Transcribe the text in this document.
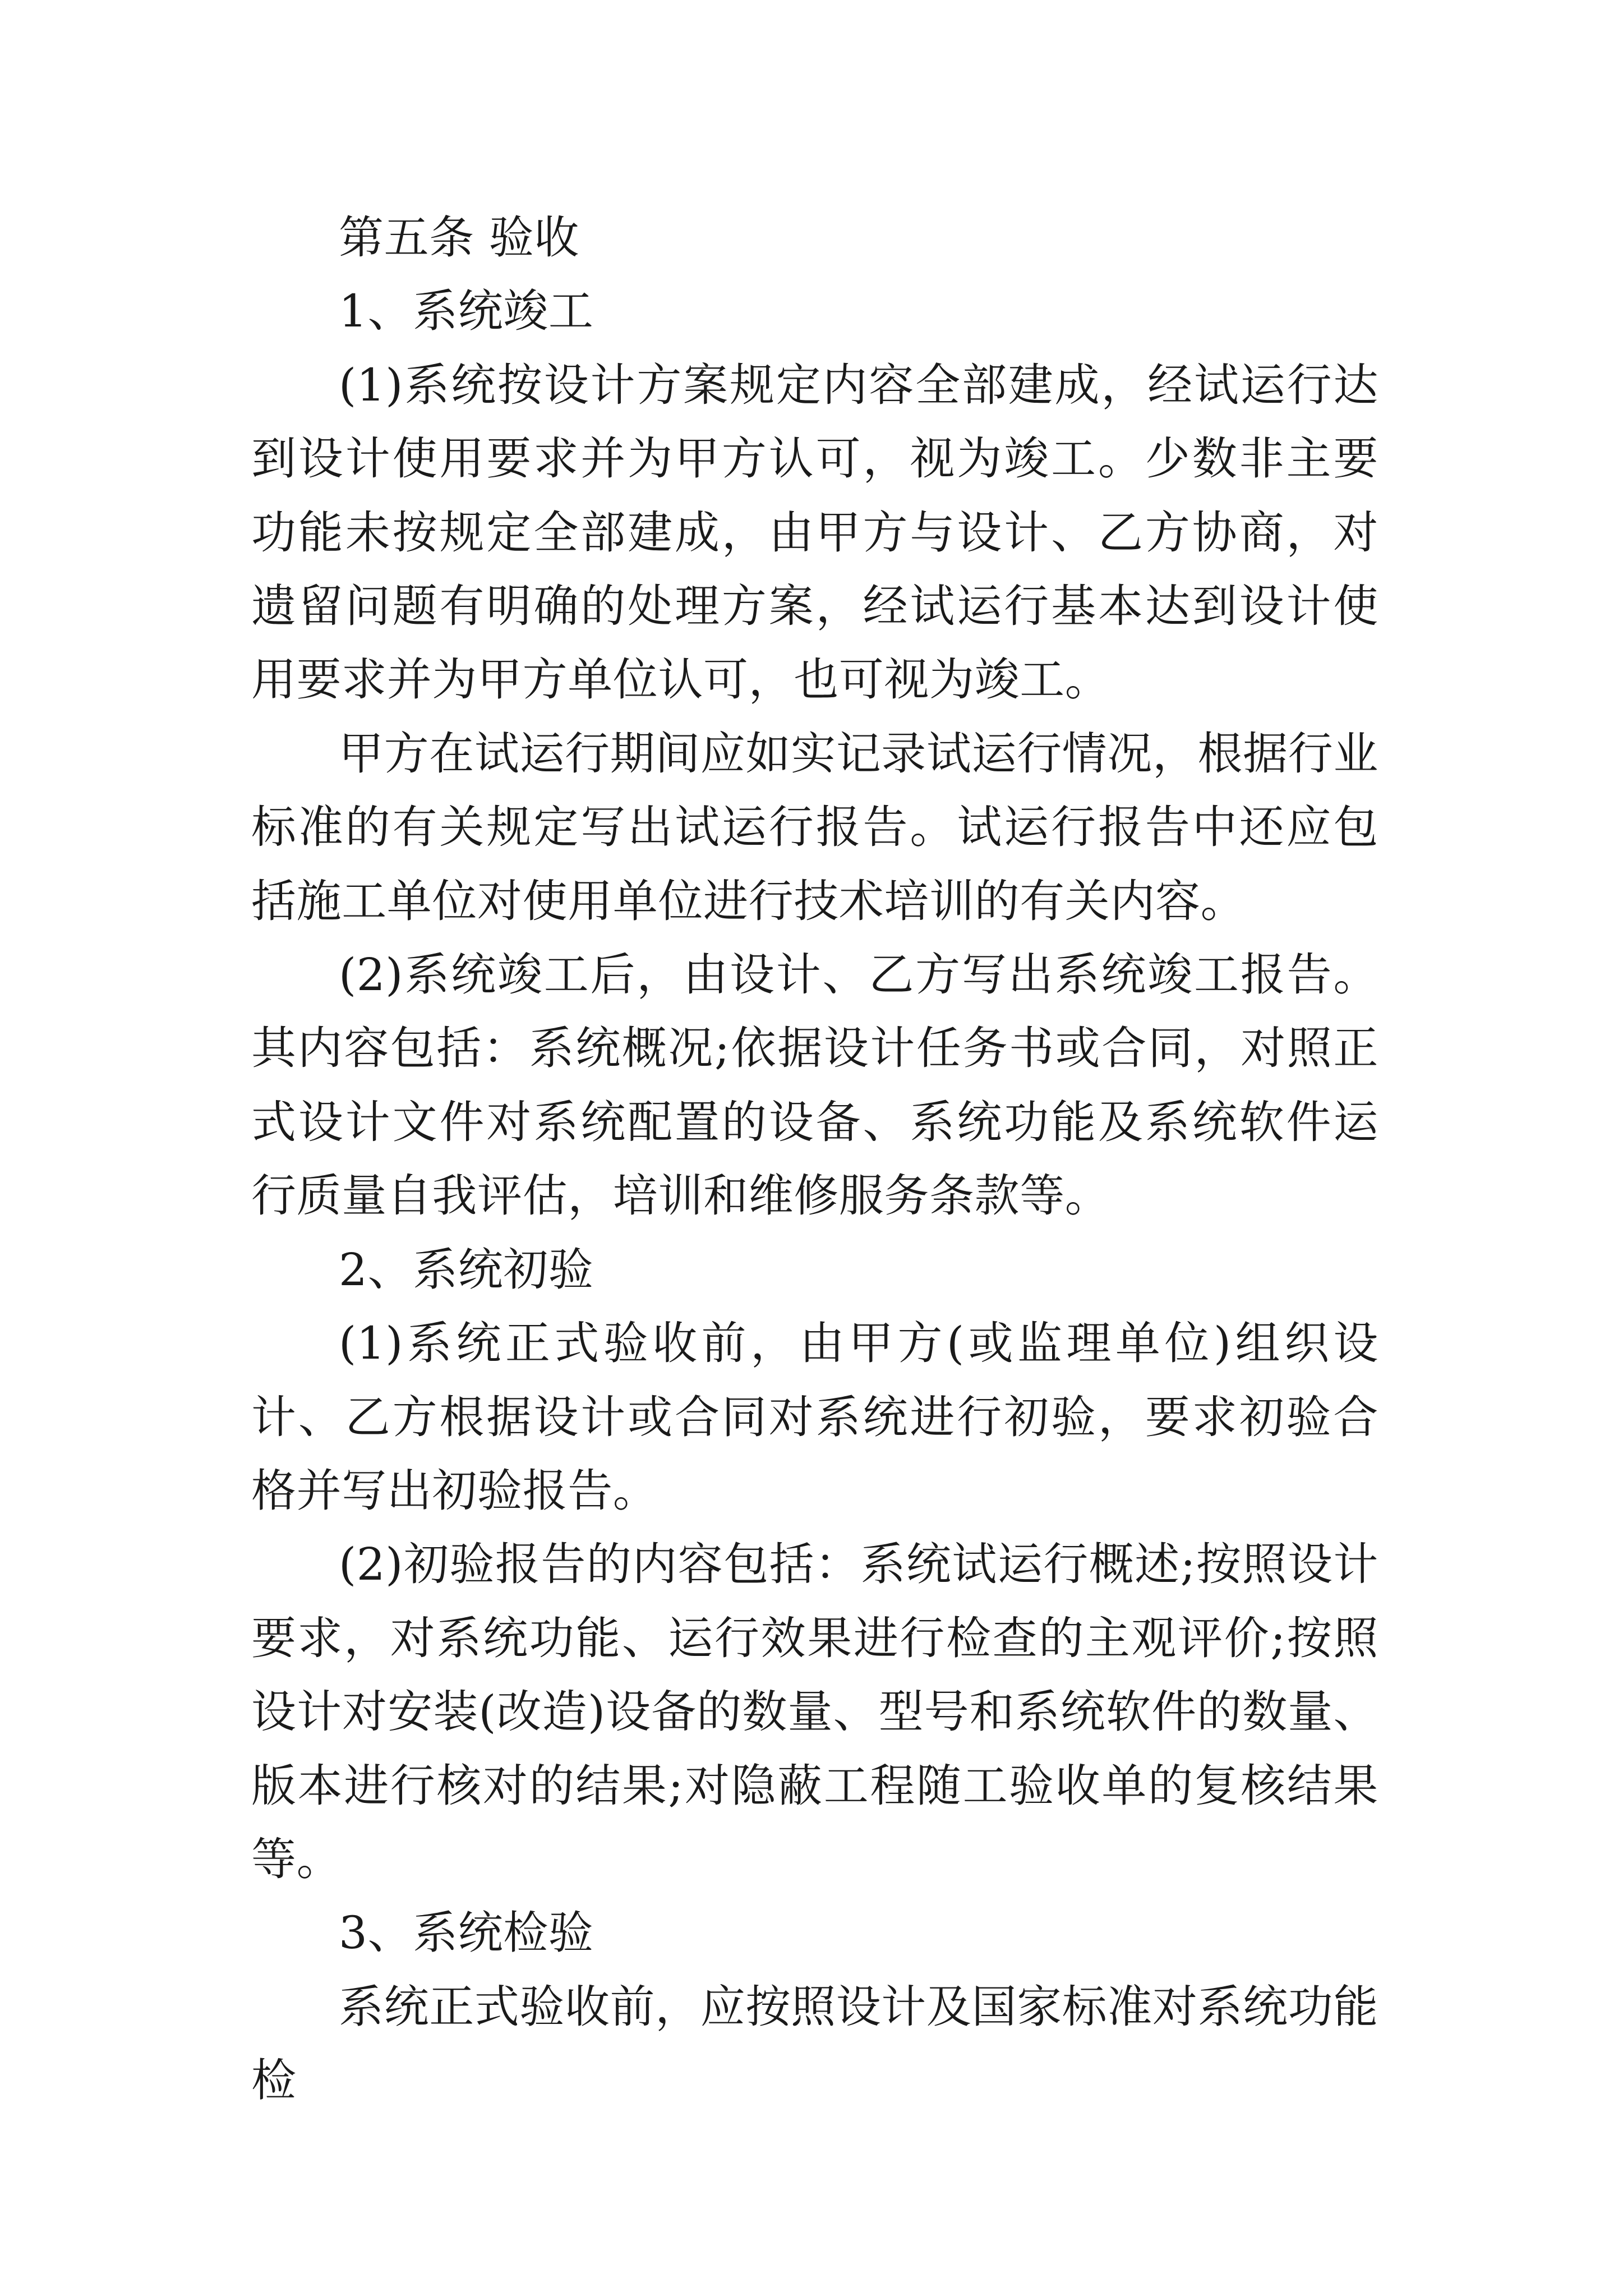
第五条 验收

1、系统竣工

(1)系统按设计方案规定内容全部建成，经试运行达到设计使用要求并为甲方认可，视为竣工。少数非主要功能未按规定全部建成，由甲方与设计、乙方协商，对遗留问题有明确的处理方案，经试运行基本达到设计使用要求并为甲方单位认可，也可视为竣工。

甲方在试运行期间应如实记录试运行情况，根据行业标准的有关规定写出试运行报告。试运行报告中还应包括施工单位对使用单位进行技术培训的有关内容。

(2)系统竣工后，由设计、乙方写出系统竣工报告。其内容包括：系统概况;依据设计任务书或合同，对照正式设计文件对系统配置的设备、系统功能及系统软件运行质量自我评估，培训和维修服务条款等。

2、系统初验

(1)系统正式验收前，由甲方(或监理单位)组织设计、乙方根据设计或合同对系统进行初验，要求初验合格并写出初验报告。

(2)初验报告的内容包括：系统试运行概述;按照设计要求，对系统功能、运行效果进行检查的主观评价;按照设计对安装(改造)设备的数量、型号和系统软件的数量、版本进行核对的结果;对隐蔽工程随工验收单的复核结果等。

3、系统检验

系统正式验收前，应按照设计及国家标准对系统功能检
